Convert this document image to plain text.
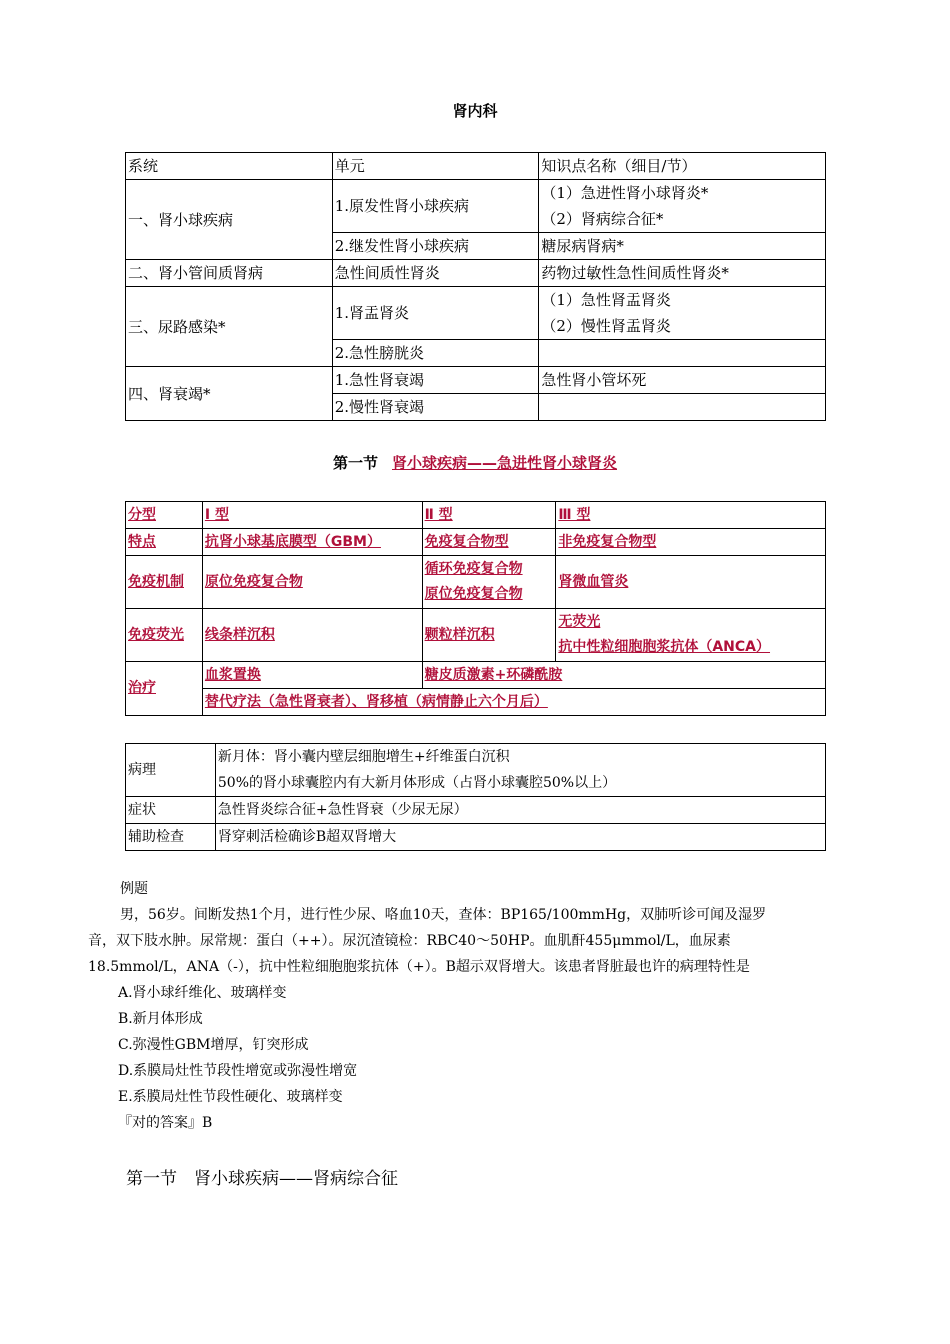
肾内科
系统	单元	知识点名称（细目/节）
一、肾小球疾病	1.原发性肾小球疾病	（1）急进性肾小球肾炎*
（2）肾病综合征*

	2.继发性肾小球疾病	糖尿病肾病*
二、肾小管间质肾病	急性间质性肾炎	药物过敏性急性间质性肾炎*
三、尿路感染*	1.肾盂肾炎	（1）急性肾盂肾炎
（2）慢性肾盂肾炎

	2.急性膀胱炎	
四、肾衰竭*	1.急性肾衰竭	急性肾小管坏死
	2.慢性肾衰竭	
第一节 肾小球疾病——急进性肾小球肾炎
分型	Ⅰ 型	Ⅱ 型	Ⅲ 型
特点	抗肾小球基底膜型（GBM）	免疫复合物型	非免疫复合物型
免疫机制	原位免疫复合物	循环免疫复合物
原位免疫复合物	肾微血管炎
免疫荧光	线条样沉积	颗粒样沉积	无荧光
抗中性粒细胞胞浆抗体（ANCA）

治疗	血浆置换	糖皮质激素+环磷酰胺	
	替代疗法（急性肾衰者）、肾移植（病情静止六个月后）		
病理	新月体：肾小囊内壁层细胞增生+纤维蛋白沉积
50%的肾小球囊腔内有大新月体形成（占肾小球囊腔50%以上）

症状	急性肾炎综合征+急性肾衰（少尿无尿）
辅助检查	肾穿刺活检确诊B超双肾增大
例题
男，56岁。间断发热1个月，进行性少尿、咯血10天，查体：BP165/100mmHg，双肺听诊可闻及湿罗
音，双下肢水肿。尿常规：蛋白（++）。尿沉渣镜检：RBC40～50HP。血肌酐455μmmol/L，血尿素
18.5mmol/L，ANA（-），抗中性粒细胞胞浆抗体（+）。B超示双肾增大。该患者肾脏最也许的病理特性是
A.肾小球纤维化、玻璃样变
B.新月体形成
C.弥漫性GBM增厚，钉突形成
D.系膜局灶性节段性增宽或弥漫性增宽
E.系膜局灶性节段性硬化、玻璃样变
『对的答案』B
第一节　肾小球疾病——肾病综合征
